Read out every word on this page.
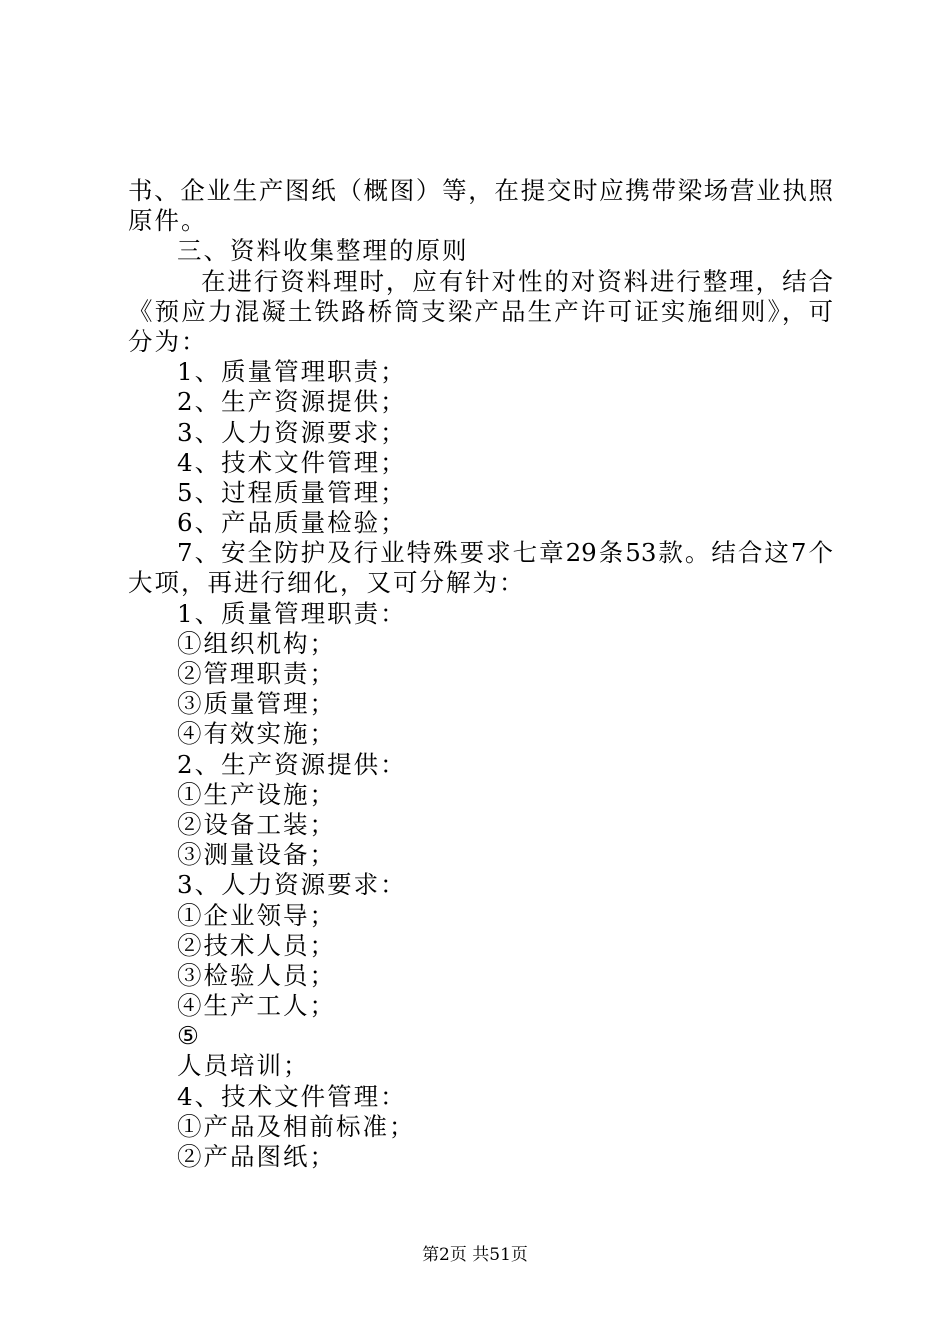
书、企业生产图纸（概图）等，在提交时应携带梁场营业执照
原件。
三、资料收集整理的原则
在进行资料理时，应有针对性的对资料进行整理，结合
《预应力混凝土铁路桥筒支梁产品生产许可证实施细则》，可
分为：
1、质量管理职责；
2、生产资源提供；
3、人力资源要求；
4、技术文件管理；
5、过程质量管理；
6、产品质量检验；
7、安全防护及行业特殊要求七章29条53款。结合这7个
大项，再进行细化，又可分解为：
1、质量管理职责：
①组织机构；
②管理职责；
③质量管理；
④有效实施；
2、生产资源提供：
①生产设施；
②设备工装；
③测量设备；
3、人力资源要求：
①企业领导；
②技术人员；
③检验人员；
④生产工人；
⑤
人员培训；
4、技术文件管理：
①产品及相前标准；
②产品图纸；
第2页 共51页
